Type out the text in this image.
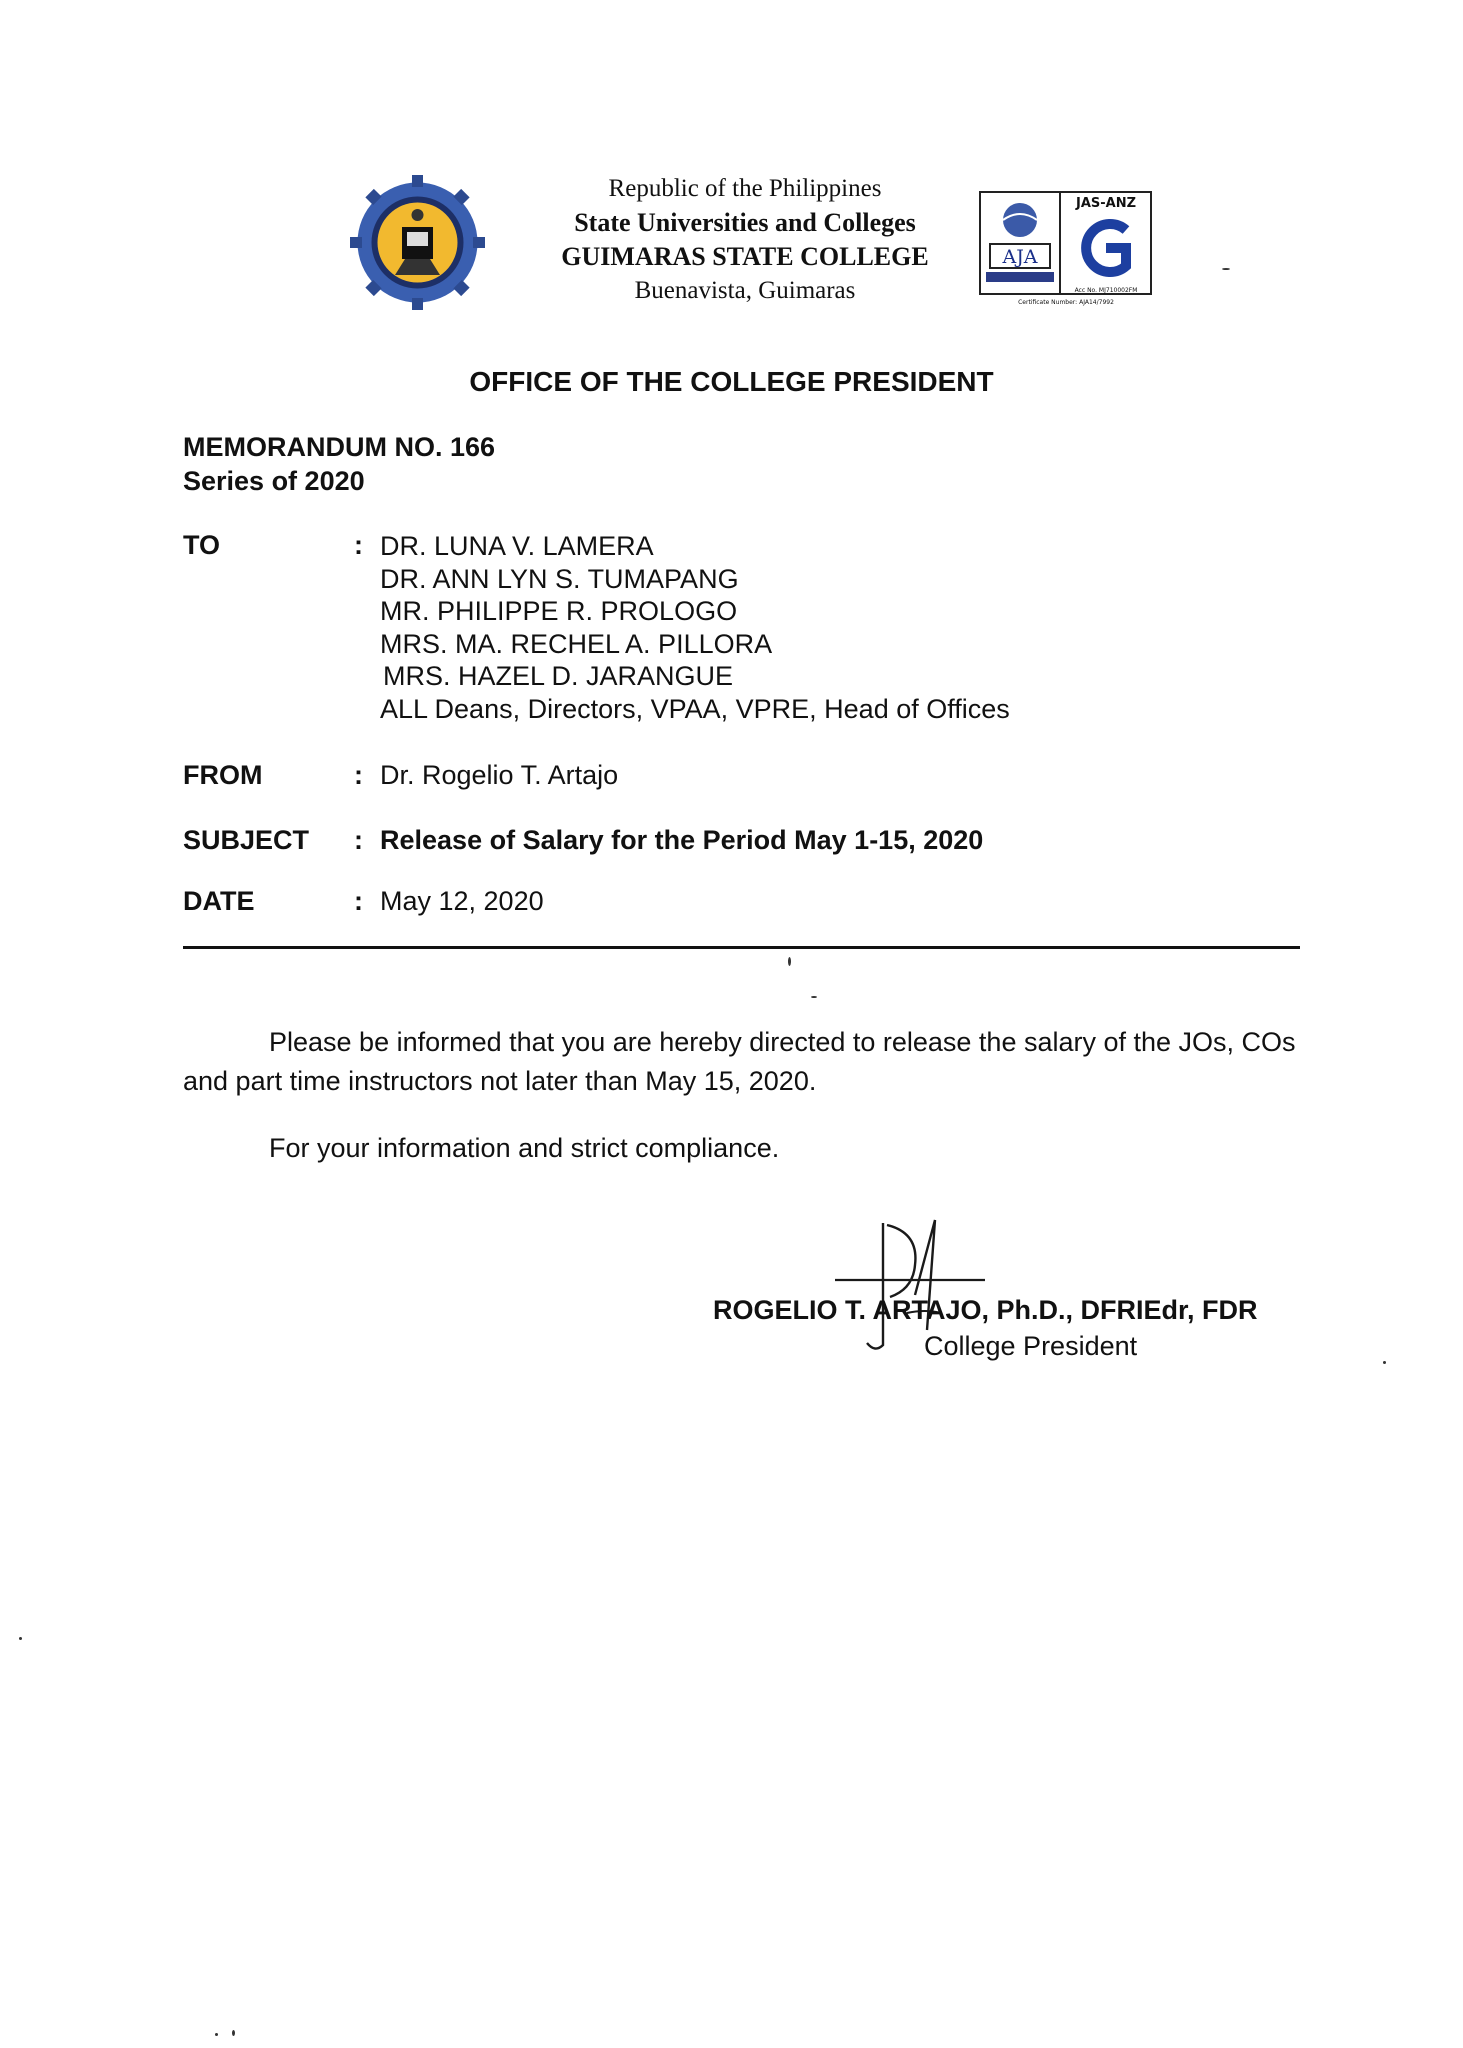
Republic of the Philippines
State Universities and Colleges
GUIMARAS STATE COLLEGE
Buenavista, Guimaras
AJA
JAS-ANZ
Acc No. MJ710002FM
Certificate Number: AJA14/7992
OFFICE OF THE COLLEGE PRESIDENT
MEMORANDUM NO. 166
Series of 2020
TO	: DR. LUNA V. LAMERA
DR. ANN LYN S. TUMAPANG
MR. PHILIPPE R. PROLOGO
MRS. MA. RECHEL A. PILLORA
MRS. HAZEL D. JARANGUE
ALL Deans, Directors, VPAA, VPRE, Head of Offices
FROM	: Dr. Rogelio T. Artajo
SUBJECT : Release of Salary for the Period May 1-15, 2020
DATE	: May 12, 2020
Please be informed that you are hereby directed to release the salary of the JOs, COs and part time instructors not later than May 15, 2020.
For your information and strict compliance.
ROGELIO T. ARTAJO, Ph.D., DFRIEdr, FDR
College President
